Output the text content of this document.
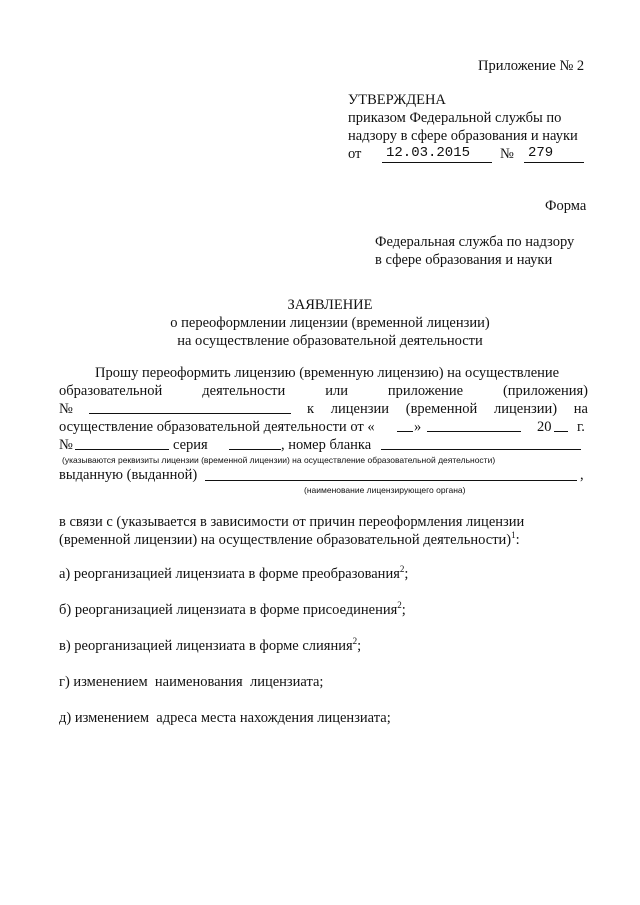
Приложение № 2
УТВЕРЖДЕНА
приказом Федеральной службы по
надзору в сфере образования и науки
от 12.03.2015	№ 279
Форма
Федеральная служба по надзору
в сфере образования и науки
ЗАЯВЛЕНИЕ
о переоформлении лицензии (временной лицензии)
на осуществление образовательной деятельности
Прошу переоформить лицензию (временную лицензию) на осуществление
образовательной	деятельности	или	приложение	(приложения)
№	к лицензии (временной лицензии) на
осуществление образовательной деятельности от «	»	20 г.
№	серия	, номер бланка
(указываются реквизиты лицензии (временной лицензии) на осуществление образовательной деятельности)
выданную (выданной)	,
(наименование лицензирующего органа)
в связи с (указывается в зависимости от причин переоформления лицензии
(временной лицензии) на осуществление образовательной деятельности)$^1$:
а) реорганизацией лицензиата в форме преобразования$^2$;
б) реорганизацией лицензиата в форме присоединения$^2$;
в) реорганизацией лицензиата в форме слияния$^2$;
г) изменением  наименования  лицензиата;
д) изменением  адреса места нахождения лицензиата;
